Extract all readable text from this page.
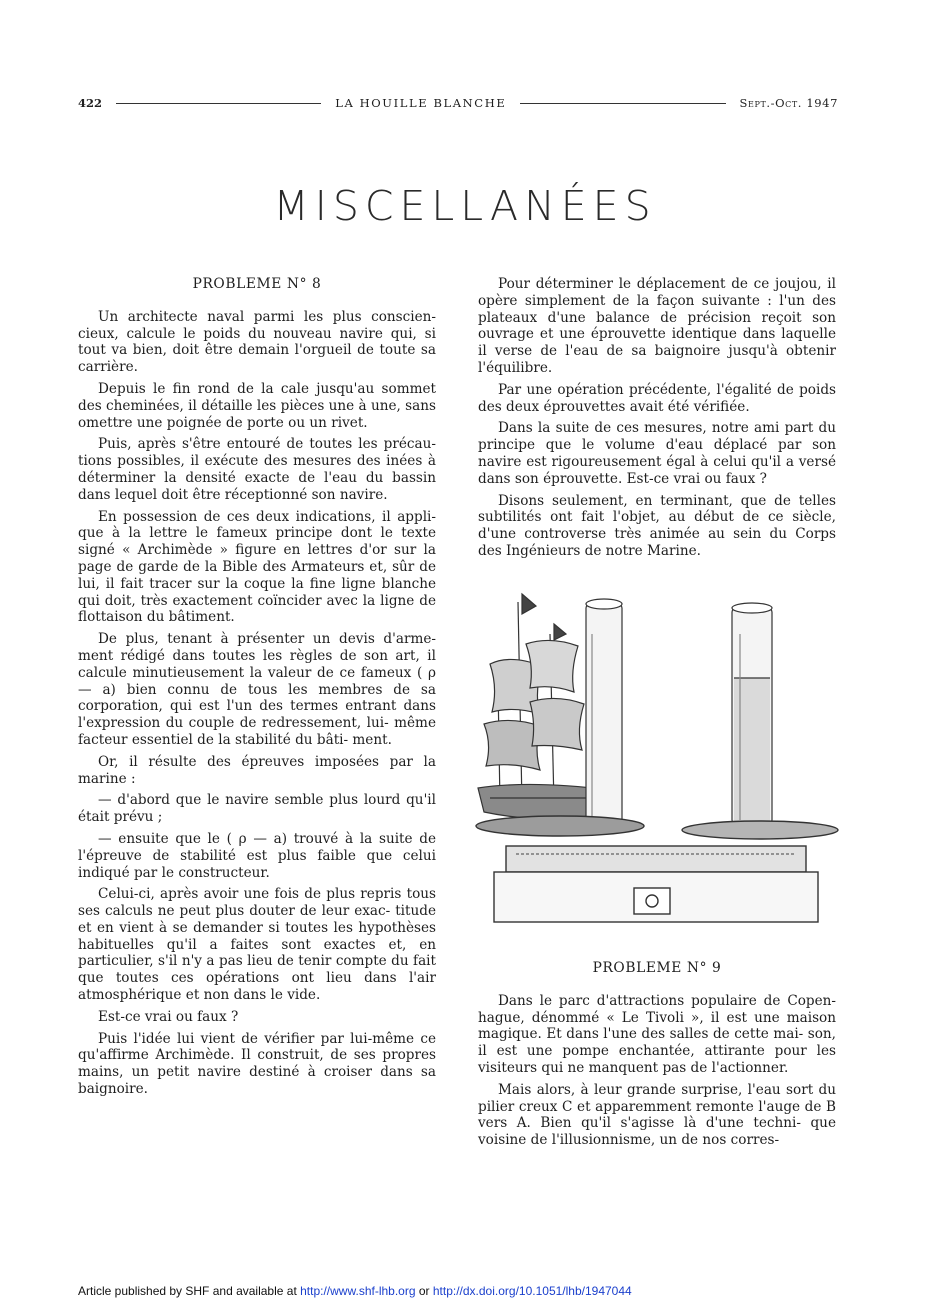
422	LA HOUILLE BLANCHE	Sept.-Oct. 1947
MISCELLANÉES
PROBLEME N° 8

Un architecte naval parmi les plus conscien- cieux, calcule le poids du nouveau navire qui, si tout va bien, doit être demain l'orgueil de toute sa carrière.

Depuis le fin rond de la cale jusqu'au sommet des cheminées, il détaille les pièces une à une, sans omettre une poignée de porte ou un rivet.

Puis, après s'être entouré de toutes les précau- tions possibles, il exécute des mesures des inées à déterminer la densité exacte de l'eau du bassin dans lequel doit être réceptionné son navire.

En possession de ces deux indications, il appli- que à la lettre le fameux principe dont le texte signé « Archimède » figure en lettres d'or sur la page de garde de la Bible des Armateurs et, sûr de lui, il fait tracer sur la coque la fine ligne blanche qui doit, très exactement coïncider avec la ligne de flottaison du bâtiment.

De plus, tenant à présenter un devis d'arme- ment rédigé dans toutes les règles de son art, il calcule minutieusement la valeur de ce fameux ( ρ — a) bien connu de tous les membres de sa corporation, qui est l'un des termes entrant dans l'expression du couple de redressement, lui- même facteur essentiel de la stabilité du bâti- ment.

Or, il résulte des épreuves imposées par la marine :

— d'abord que le navire semble plus lourd qu'il était prévu ;

— ensuite que le ( ρ — a) trouvé à la suite de l'épreuve de stabilité est plus faible que celui indiqué par le constructeur.

Celui-ci, après avoir une fois de plus repris tous ses calculs ne peut plus douter de leur exac- titude et en vient à se demander si toutes les hypothèses habituelles qu'il a faites sont exactes et, en particulier, s'il n'y a pas lieu de tenir compte du fait que toutes ces opérations ont lieu dans l'air atmosphérique et non dans le vide.

Est-ce vrai ou faux ?

Puis l'idée lui vient de vérifier par lui-même ce qu'affirme Archimède. Il construit, de ses propres mains, un petit navire destiné à croiser dans sa baignoire.

Pour déterminer le déplacement de ce joujou, il opère simplement de la façon suivante : l'un des plateaux d'une balance de précision reçoit son ouvrage et une éprouvette identique dans laquelle il verse de l'eau de sa baignoire jusqu'à obtenir l'équilibre.

Par une opération précédente, l'égalité de poids des deux éprouvettes avait été vérifiée.

Dans la suite de ces mesures, notre ami part du principe que le volume d'eau déplacé par son navire est rigoureusement égal à celui qu'il a versé dans son éprouvette. Est-ce vrai ou faux ?

Disons seulement, en terminant, que de telles subtilités ont fait l'objet, au début de ce siècle, d'une controverse très animée au sein du Corps des Ingénieurs de notre Marine.

PROBLEME N° 9

Dans le parc d'attractions populaire de Copen- hague, dénommé « Le Tivoli », il est une maison magique. Et dans l'une des salles de cette mai- son, il est une pompe enchantée, attirante pour les visiteurs qui ne manquent pas de l'actionner.

Mais alors, à leur grande surprise, l'eau sort du pilier creux C et apparemment remonte l'auge de B vers A. Bien qu'il s'agisse là d'une techni- que voisine de l'illusionnisme, un de nos corres-

Article published by SHF and available at http://www.shf-lhb.org or http://dx.doi.org/10.1051/lhb/1947044
